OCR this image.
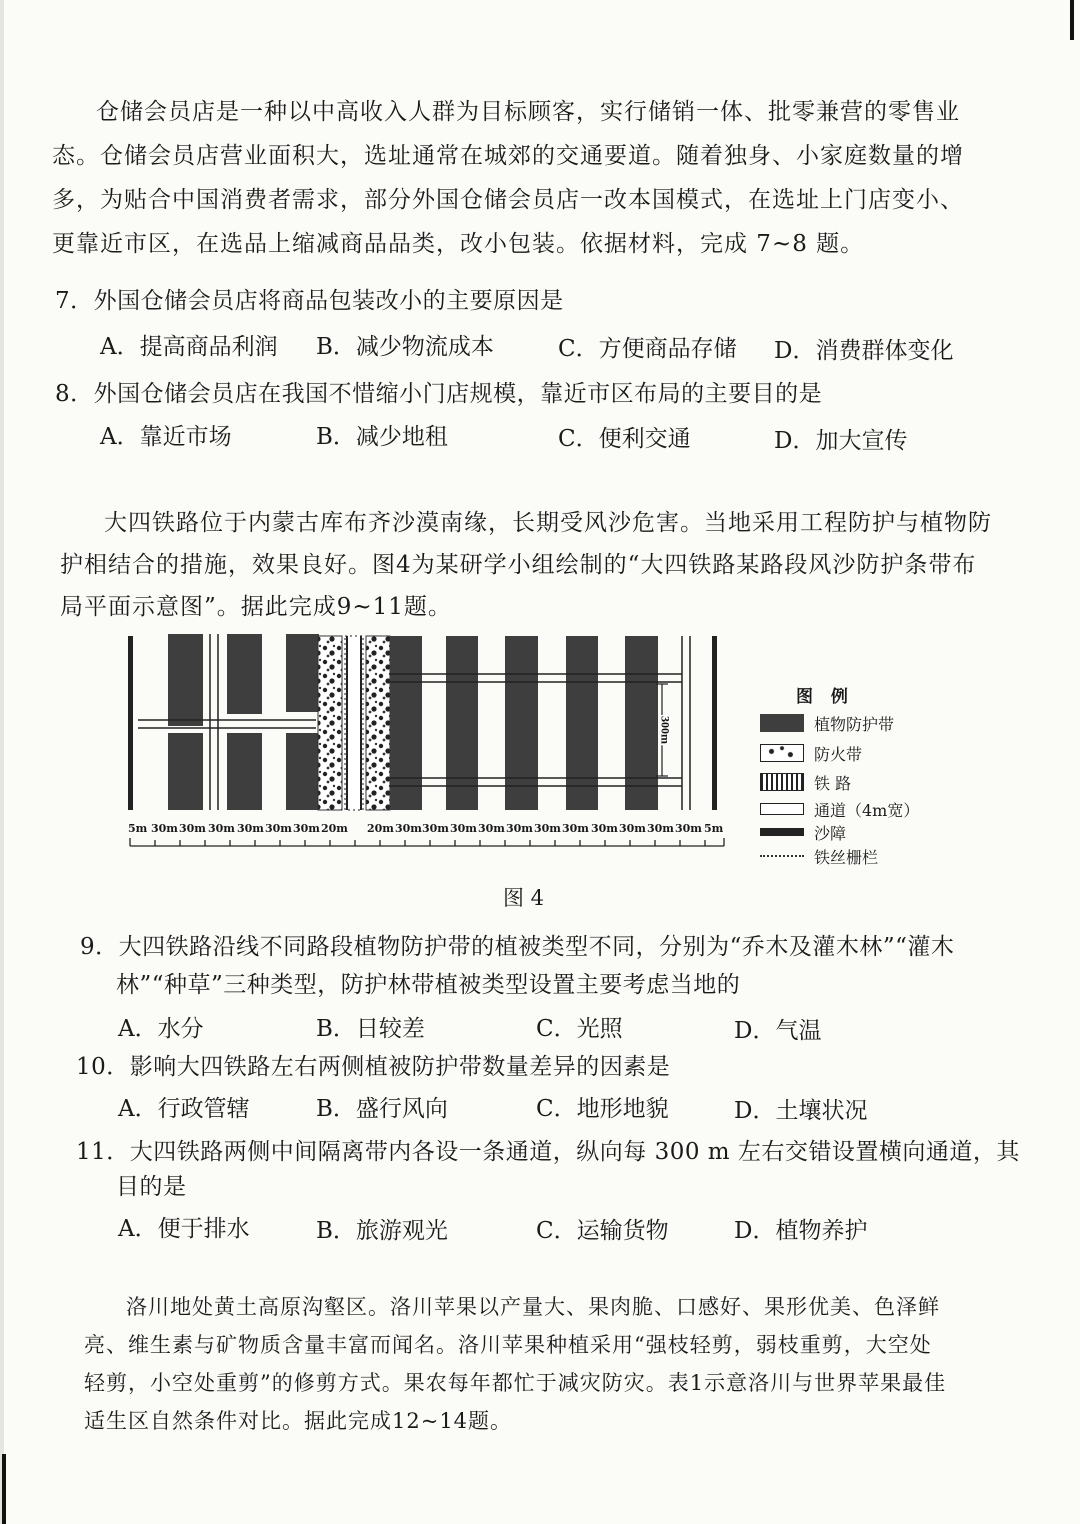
仓储会员店是一种以中高收入人群为目标顾客，实行储销一体、批零兼营的零售业

态。仓储会员店营业面积大，选址通常在城郊的交通要道。随着独身、小家庭数量的增

多，为贴合中国消费者需求，部分外国仓储会员店一改本国模式，在选址上门店变小、

更靠近市区，在选品上缩减商品品类，改小包装。依据材料，完成 7~8 题。

7．外国仓储会员店将商品包装改小的主要原因是
A．提高商品利润 B．减少物流成本	C．方便商品存储 D．消费群体变化
8．外国仓储会员店在我国不惜缩小门店规模，靠近市区布局的主要目的是
A．靠近市场	B．减少地租	C．便利交通	D．加大宣传

大四铁路位于内蒙古库布齐沙漠南缘，长期受风沙危害。当地采用工程防护与植物防

护相结合的措施，效果良好。图4为某研学小组绘制的“大四铁路某路段风沙防护条带布

局平面示意图”。据此完成9~11题。

300m
5m 30m 30m 30m 30m 30m 30m 20m 20m 30m 30m 30m 30m 30m 30m 30m 30m 30m 30m 30m 5m
图 例
植物防护带
防火带
铁 路
通道（4m宽）
沙障
铁丝栅栏
图 4
9．大四铁路沿线不同路段植物防护带的植被类型不同，分别为“乔木及灌木林”“灌木
林”“种草”三种类型，防护林带植被类型设置主要考虑当地的
A．水分	B．日较差	C．光照	D．气温
10．影响大四铁路左右两侧植被防护带数量差异的因素是
A．行政管辖	B．盛行风向	C．地形地貌	D．土壤状况
11．大四铁路两侧中间隔离带内各设一条通道，纵向每 300 m 左右交错设置横向通道，其
目的是
A．便于排水	B．旅游观光	C．运输货物	D．植物养护

洛川地处黄土高原沟壑区。洛川苹果以产量大、果肉脆、口感好、果形优美、色泽鲜

亮、维生素与矿物质含量丰富而闻名。洛川苹果种植采用“强枝轻剪，弱枝重剪，大空处

轻剪，小空处重剪”的修剪方式。果农每年都忙于减灾防灾。表1示意洛川与世界苹果最佳

适生区自然条件对比。据此完成12~14题。
